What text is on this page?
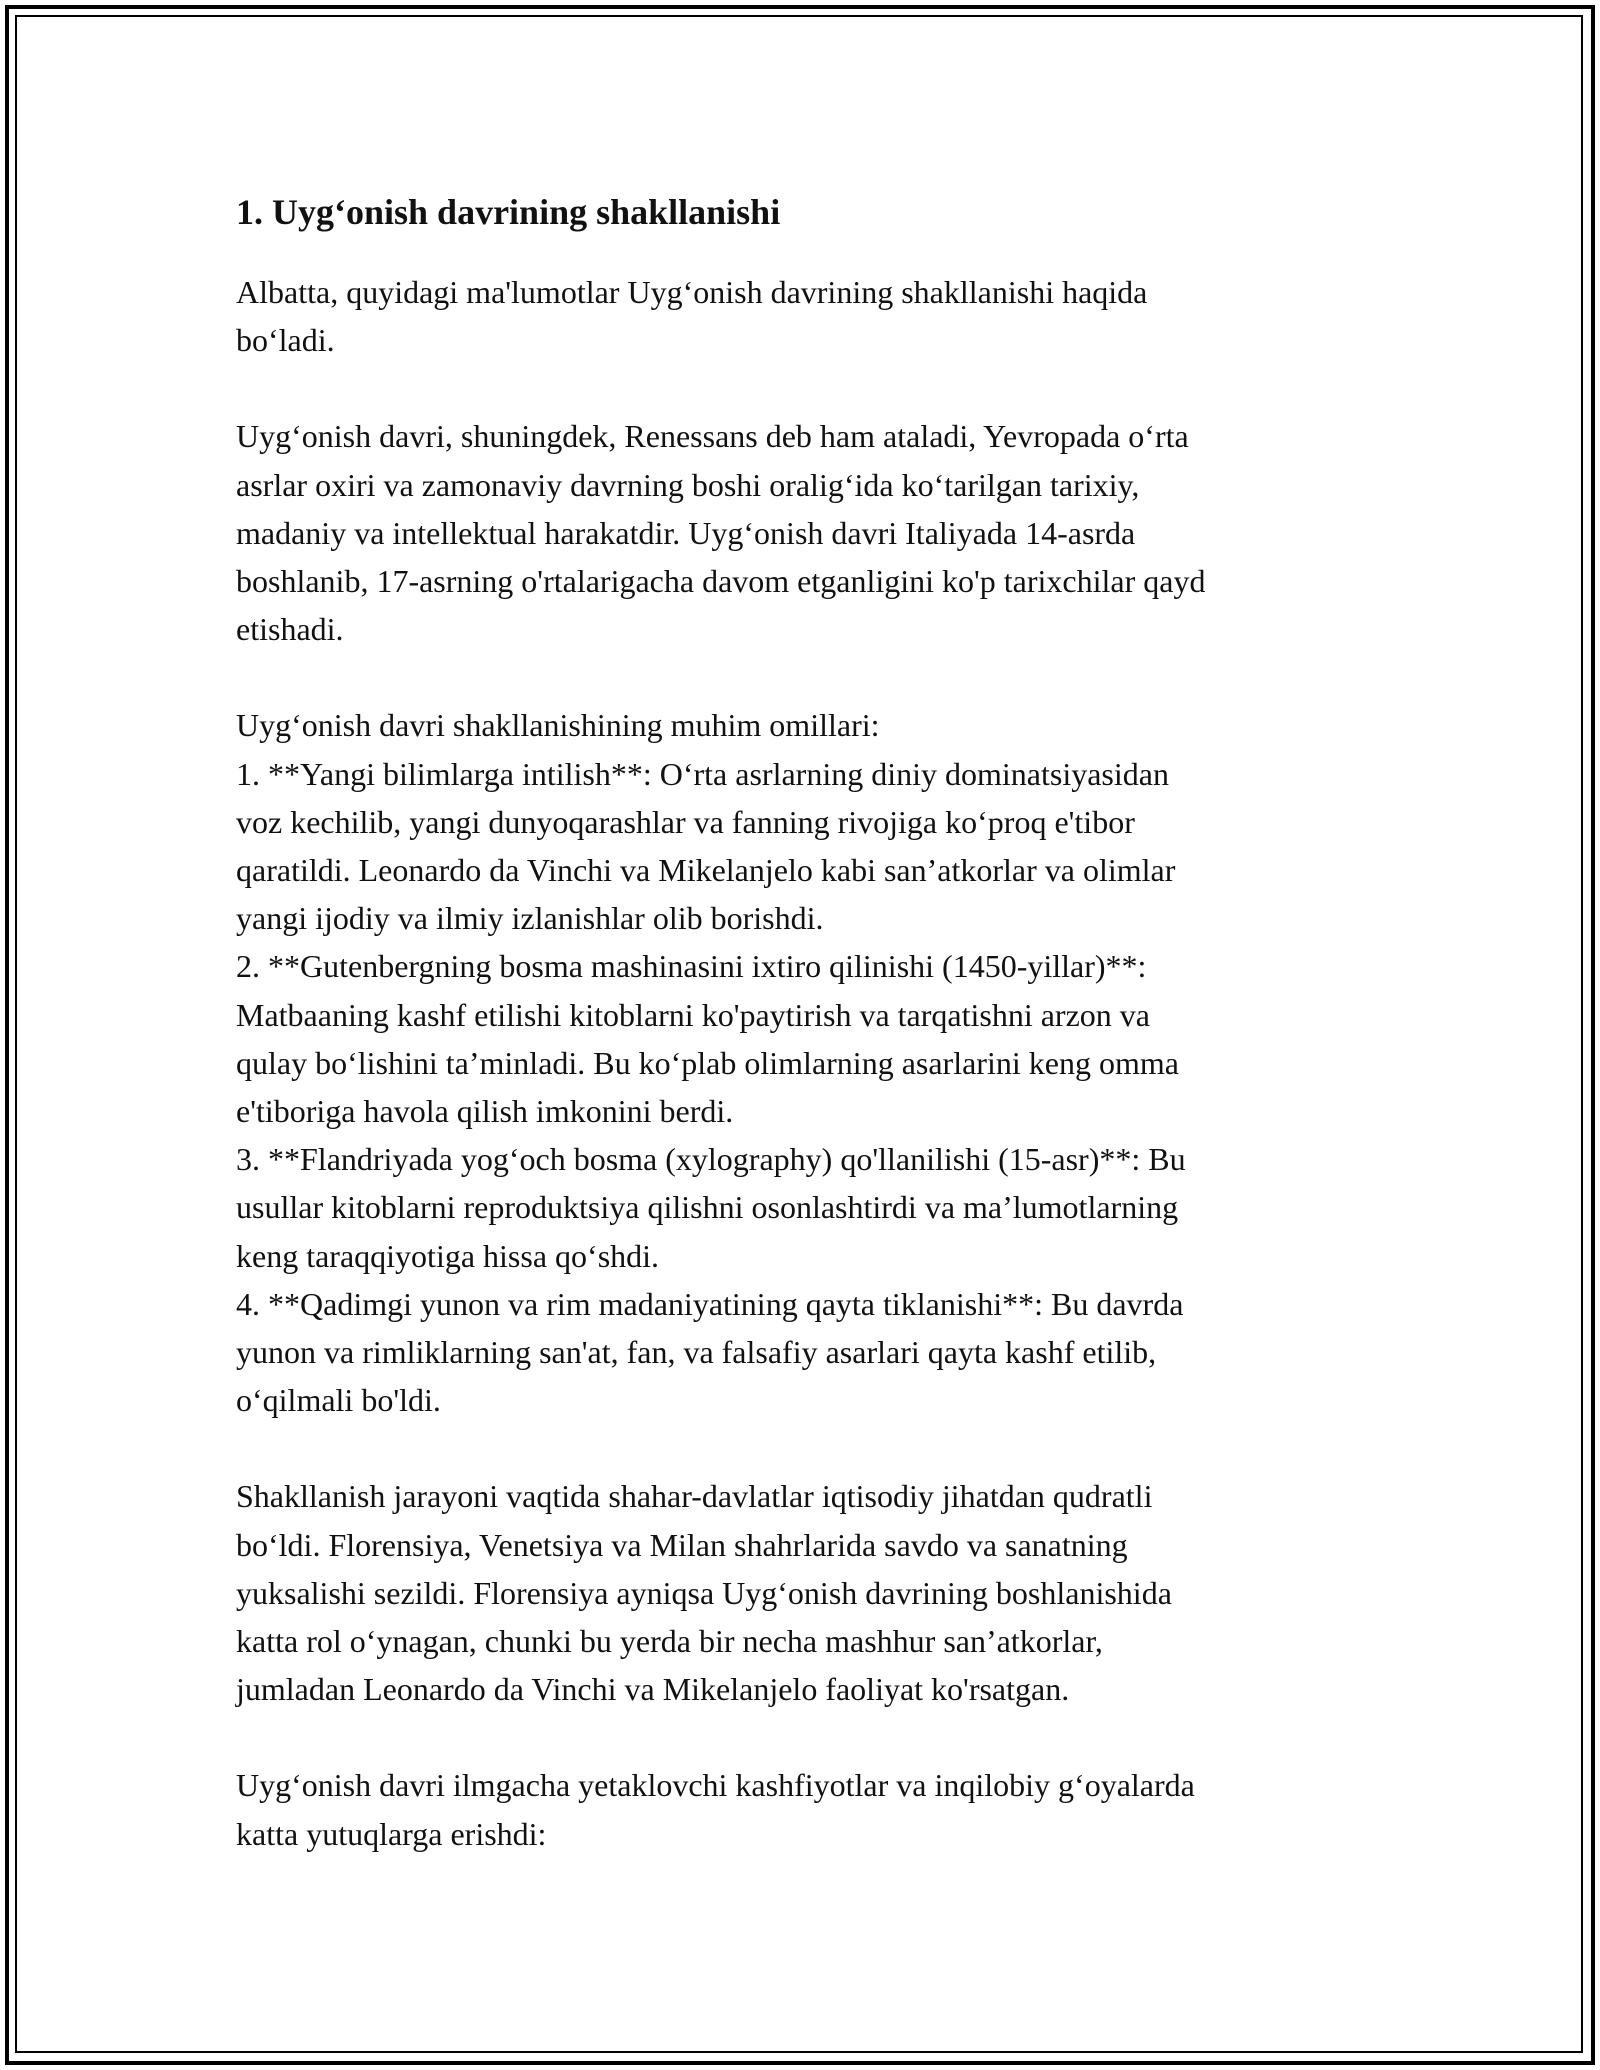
1. Uyg‘onish davrining shakllanishi

Albatta, quyidagi ma'lumotlar Uyg‘onish davrining shakllanishi haqida
bo‘ladi.

Uyg‘onish davri, shuningdek, Renessans deb ham ataladi, Yevropada o‘rta
asrlar oxiri va zamonaviy davrning boshi oralig‘ida ko‘tarilgan tarixiy,
madaniy va intellektual harakatdir. Uyg‘onish davri Italiyada 14-asrda
boshlanib, 17-asrning o'rtalarigacha davom etganligini ko'p tarixchilar qayd
etishadi.

Uyg‘onish davri shakllanishining muhim omillari:
1. **Yangi bilimlarga intilish**: O‘rta asrlarning diniy dominatsiyasidan
voz kechilib, yangi dunyoqarashlar va fanning rivojiga ko‘proq e'tibor
qaratildi. Leonardo da Vinchi va Mikelanjelo kabi san’atkorlar va olimlar
yangi ijodiy va ilmiy izlanishlar olib borishdi.
2. **Gutenbergning bosma mashinasini ixtiro qilinishi (1450-yillar)**:
Matbaaning kashf etilishi kitoblarni ko'paytirish va tarqatishni arzon va
qulay bo‘lishini ta’minladi. Bu ko‘plab olimlarning asarlarini keng omma
e'tiboriga havola qilish imkonini berdi.
3. **Flandriyada yog‘och bosma (xylography) qo'llanilishi (15-asr)**: Bu
usullar kitoblarni reproduktsiya qilishni osonlashtirdi va ma’lumotlarning
keng taraqqiyotiga hissa qo‘shdi.
4. **Qadimgi yunon va rim madaniyatining qayta tiklanishi**: Bu davrda
yunon va rimliklarning san'at, fan, va falsafiy asarlari qayta kashf etilib,
o‘qilmali bo'ldi.

Shakllanish jarayoni vaqtida shahar-davlatlar iqtisodiy jihatdan qudratli
bo‘ldi. Florensiya, Venetsiya va Milan shahrlarida savdo va sanatning
yuksalishi sezildi. Florensiya ayniqsa Uyg‘onish davrining boshlanishida
katta rol o‘ynagan, chunki bu yerda bir necha mashhur san’atkorlar,
jumladan Leonardo da Vinchi va Mikelanjelo faoliyat ko'rsatgan.

Uyg‘onish davri ilmgacha yetaklovchi kashfiyotlar va inqilobiy g‘oyalarda
katta yutuqlarga erishdi:
